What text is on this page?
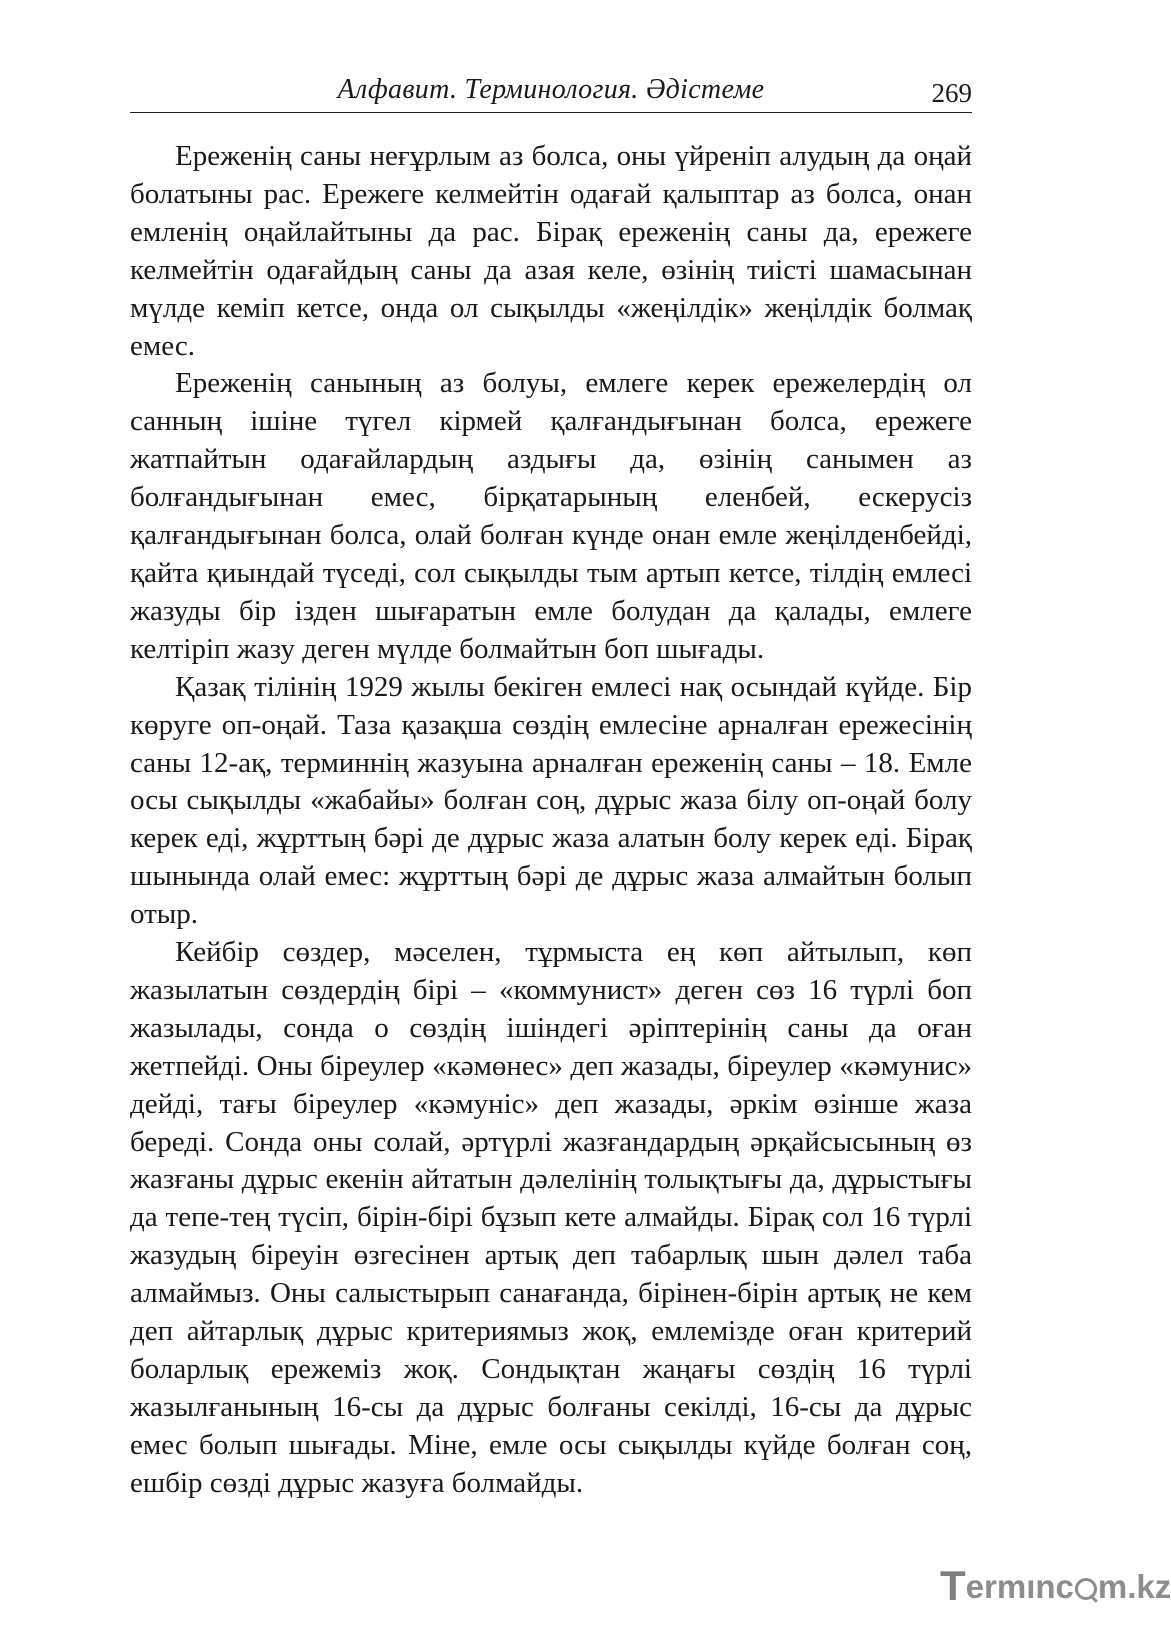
Алфавит. Терминология. Әдістеме	269

Ереженің саны неғұрлым аз болса, оны үйреніп алудың да оңай болатыны рас. Ережеге келмейтін одағай қалыптар аз болса, онан емленің оңайлайтыны да рас. Бірақ ереженің саны да, ережеге келмейтін одағайдың саны да азая келе, өзінің тиісті шамасынан мүлде кеміп кетсе, онда ол сықылды «жеңілдік» жеңілдік болмақ емес.

Ереженің санының аз болуы, емлеге керек ережелердің ол санның ішіне түгел кірмей қалғандығынан болса, ережеге жатпайтын одағайлардың аздығы да, өзінің санымен аз болғандығынан емес, бірқатарының еленбей, ескерусіз қалғандығынан болса, олай болған күнде онан емле жеңілденбейді, қайта қиындай түседі, сол сықылды тым артып кетсе, тілдің емлесі жазуды бір ізден шығаратын емле болудан да қалады, емлеге келтіріп жазу деген мүлде болмайтын боп шығады.

Қазақ тілінің 1929 жылы бекіген емлесі нақ осындай күйде. Бір көруге оп-оңай. Таза қазақша сөздің емлесіне арналған ережесінің саны 12-ақ, терминнің жазуына арналған ереженің саны – 18. Емле осы сықылды «жабайы» болған соң, дұрыс жаза білу оп-оңай болу керек еді, жұрттың бәрі де дұрыс жаза алатын болу керек еді. Бірақ шынында олай емес: жұрттың бәрі де дұрыс жаза алмайтын болып отыр.

Кейбір сөздер, мәселен, тұрмыста ең көп айтылып, көп жазылатын сөздердің бірі – «коммунист» деген сөз 16 түрлі боп жазылады, сонда о сөздің ішіндегі әріптерінің саны да оған жетпейді. Оны біреулер «кәмөнес» деп жазады, біреулер «кәмунис» дейді, тағы біреулер «кәмуніс» деп жазады, әркім өзінше жаза береді. Сонда оны солай, әртүрлі жазғандардың әрқайсысының өз жазғаны дұрыс екенін айтатын дәлелінің толықтығы да, дұрыстығы да тепе-тең түсіп, бірін-бірі бұзып кете алмайды. Бірақ сол 16 түрлі жазудың біреуін өзгесінен артық деп табарлық шын дәлел таба алмаймыз. Оны салыстырып санағанда, бірінен-бірін артық не кем деп айтарлық дұрыс критериямыз жоқ, емлемізде оған критерий боларлық ережеміз жоқ. Сондықтан жаңағы сөздің 16 түрлі жазылғанының 16-сы да дұрыс болғаны секілді, 16-сы да дұрыс емес болып шығады. Міне, емле осы сықылды күйде болған соң, ешбір сөзді дұрыс жазуға болмайды.

Termınc m.kz
